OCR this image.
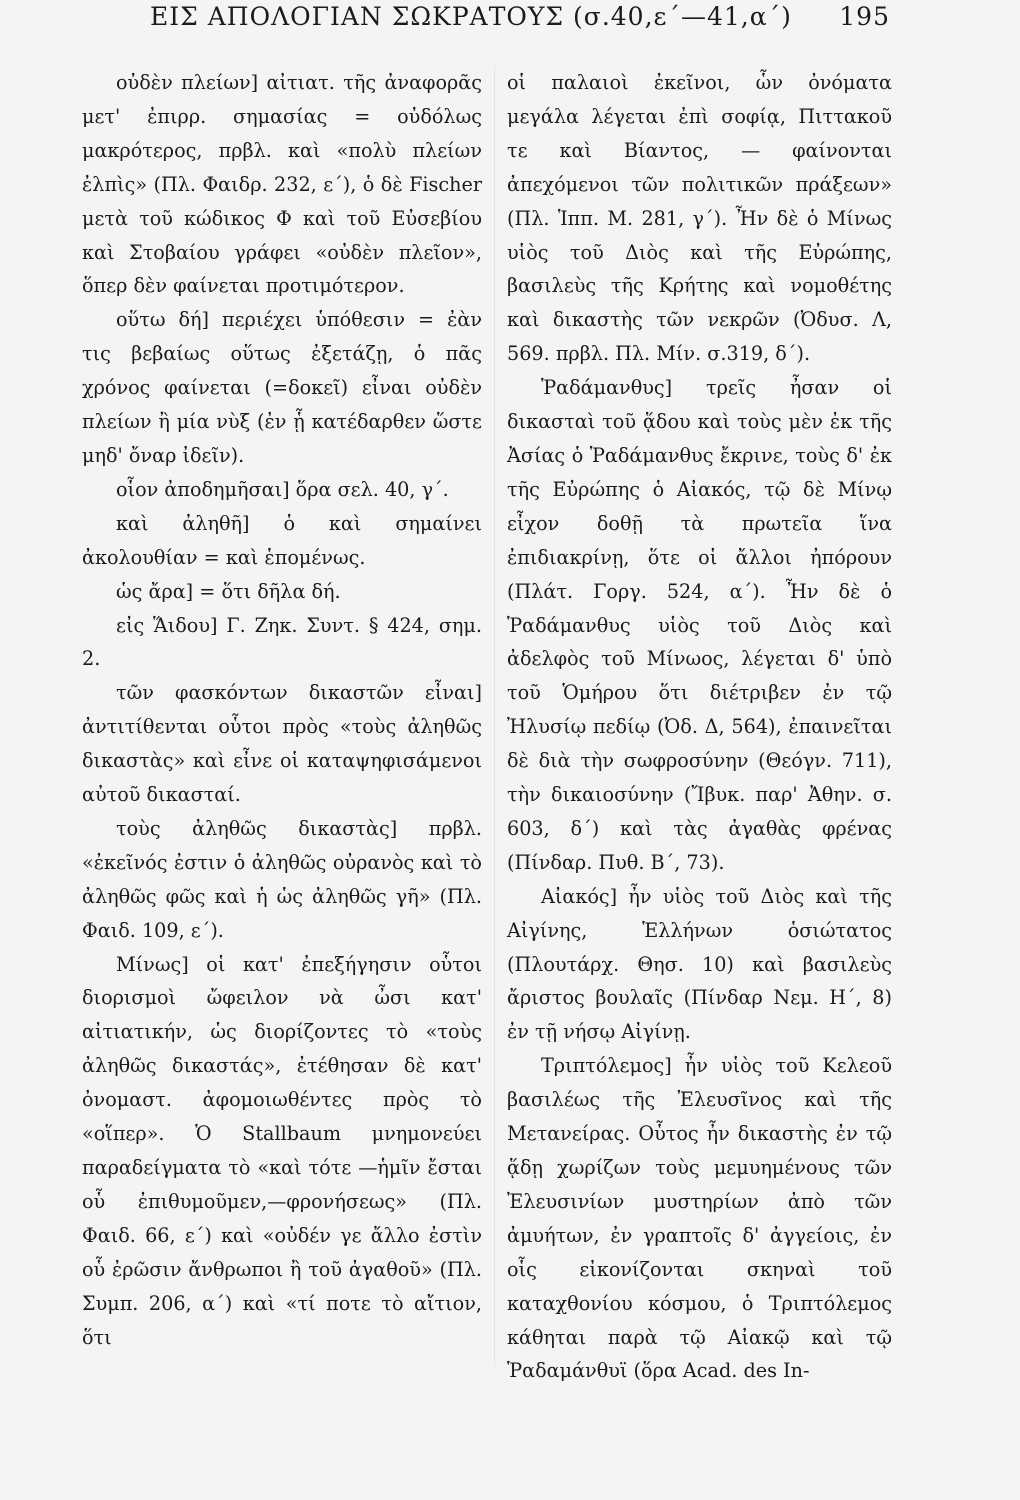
ΕΙΣ ΑΠΟΛΟΓΙΑΝ ΣΩΚΡΑΤΟΥΣ (σ.40,ε΄—41,α΄) 195

οὐδὲν πλείων] αἰτιατ. τῆς ἀναφορᾶς μετ' ἐπιρρ. σημασίας = οὐδόλως μακρότερος, πρβλ. καὶ «πολὺ πλείων ἐλπὶς» (Πλ. Φαιδρ. 232, ε΄), ὁ δὲ Fischer μετὰ τοῦ κώδικος Φ καὶ τοῦ Εὐσεβίου καὶ Στοβαίου γράφει «οὐδὲν πλεῖον», ὅπερ δὲν φαίνεται προτιμότερον.

οὕτω δή] περιέχει ὑπόθεσιν = ἐὰν τις βεβαίως οὕτως ἐξετάζῃ, ὁ πᾶς χρόνος φαίνεται (=δοκεῖ) εἶναι οὐδὲν πλείων ἢ μία νὺξ (ἐν ᾗ κατέδαρθεν ὥστε μηδ' ὄναρ ἰδεῖν).

οἷον ἀποδημῆσαι] ὅρα σελ. 40, γ΄.

καὶ ἀληθῆ] ὁ καὶ σημαίνει ἀκολουθίαν = καὶ ἑπομένως.

ὡς ἄρα] = ὅτι δῆλα δή.

εἰς Ἅιδου] Γ. Ζηκ. Συντ. § 424, σημ. 2.

τῶν φασκόντων δικαστῶν εἶναι] ἀντιτίθενται οὗτοι πρὸς «τοὺς ἀληθῶς δικαστὰς» καὶ εἶνε οἱ καταψηφισάμενοι αὐτοῦ δικασταί.

τοὺς ἀληθῶς δικαστὰς] πρβλ. «ἐκεῖνός ἐστιν ὁ ἀληθῶς οὐρανὸς καὶ τὸ ἀληθῶς φῶς καὶ ἡ ὡς ἀληθῶς γῆ» (Πλ. Φαιδ. 109, ε΄).

Μίνως] οἱ κατ' ἐπεξήγησιν οὗτοι διορισμοὶ ὤφειλον νὰ ὦσι κατ' αἰτιατικήν, ὡς διορίζοντες τὸ «τοὺς ἀληθῶς δικαστάς», ἐτέθησαν δὲ κατ' ὀνομαστ. ἀφομοιωθέντες πρὸς τὸ «οἵπερ». Ὁ Stallbaum μνημονεύει παραδείγματα τὸ «καὶ τότε —ἡμῖν ἔσται οὗ ἐπιθυμοῦμεν,—φρονήσεως» (Πλ. Φαιδ. 66, ε΄) καὶ «οὐδέν γε ἄλλο ἐστὶν οὗ ἐρῶσιν ἄνθρωποι ἢ τοῦ ἀγαθοῦ» (Πλ. Συμπ. 206, α΄) καὶ «τί ποτε τὸ αἴτιον, ὅτι

οἱ παλαιοὶ ἐκεῖνοι, ὧν ὀνόματα μεγάλα λέγεται ἐπὶ σοφίᾳ, Πιττακοῦ τε καὶ Βίαντος, — φαίνονται ἀπεχόμενοι τῶν πολιτικῶν πράξεων» (Πλ. Ἱππ. Μ. 281, γ΄). Ἦν δὲ ὁ Μίνως υἱὸς τοῦ Διὸς καὶ τῆς Εὐρώπης, βασιλεὺς τῆς Κρήτης καὶ νομοθέτης καὶ δικαστὴς τῶν νεκρῶν (Ὀδυσ. Λ, 569. πρβλ. Πλ. Μίν. σ.319, δ΄).

Ῥαδάμανθυς] τρεῖς ἦσαν οἱ δικασταὶ τοῦ ᾅδου καὶ τοὺς μὲν ἐκ τῆς Ἀσίας ὁ Ῥαδάμανθυς ἔκρινε, τοὺς δ' ἐκ τῆς Εὐρώπης ὁ Αἰακός, τῷ δὲ Μίνῳ εἶχον δοθῇ τὰ πρωτεῖα ἵνα ἐπιδιακρίνῃ, ὅτε οἱ ἄλλοι ἠπόρουν (Πλάτ. Γοργ. 524, α΄). Ἦν δὲ ὁ Ῥαδάμανθυς υἱὸς τοῦ Διὸς καὶ ἀδελφὸς τοῦ Μίνωος, λέγεται δ' ὑπὸ τοῦ Ὁμήρου ὅτι διέτριβεν ἐν τῷ Ἠλυσίῳ πεδίῳ (Ὀδ. Δ, 564), ἐπαινεῖται δὲ διὰ τὴν σωφροσύνην (Θεόγν. 711), τὴν δικαιοσύνην (Ἴβυκ. παρ' Ἀθην. σ. 603, δ΄) καὶ τὰς ἀγαθὰς φρένας (Πίνδαρ. Πυθ. Β΄, 73).

Αἰακός] ἦν υἱὸς τοῦ Διὸς καὶ τῆς Αἰγίνης, Ἑλλήνων ὁσιώτατος (Πλουτάρχ. Θησ. 10) καὶ βασιλεὺς ἄριστος βουλαῖς (Πίνδαρ Νεμ. Η΄, 8) ἐν τῇ νήσῳ Αἰγίνῃ.

Τριπτόλεμος] ἦν υἱὸς τοῦ Κελεοῦ βασιλέως τῆς Ἐλευσῖνος καὶ τῆς Μετανείρας. Οὗτος ἦν δικαστὴς ἐν τῷ ᾅδῃ χωρίζων τοὺς μεμυημένους τῶν Ἐλευσινίων μυστηρίων ἀπὸ τῶν ἀμυήτων, ἐν γραπτοῖς δ' ἀγγείοις, ἐν οἷς εἰκονίζονται σκηναὶ τοῦ καταχθονίου κόσμου, ὁ Τριπτόλεμος κάθηται παρὰ τῷ Αἰακῷ καὶ τῷ Ῥαδαμάνθυϊ (ὅρα Acad. des In-
